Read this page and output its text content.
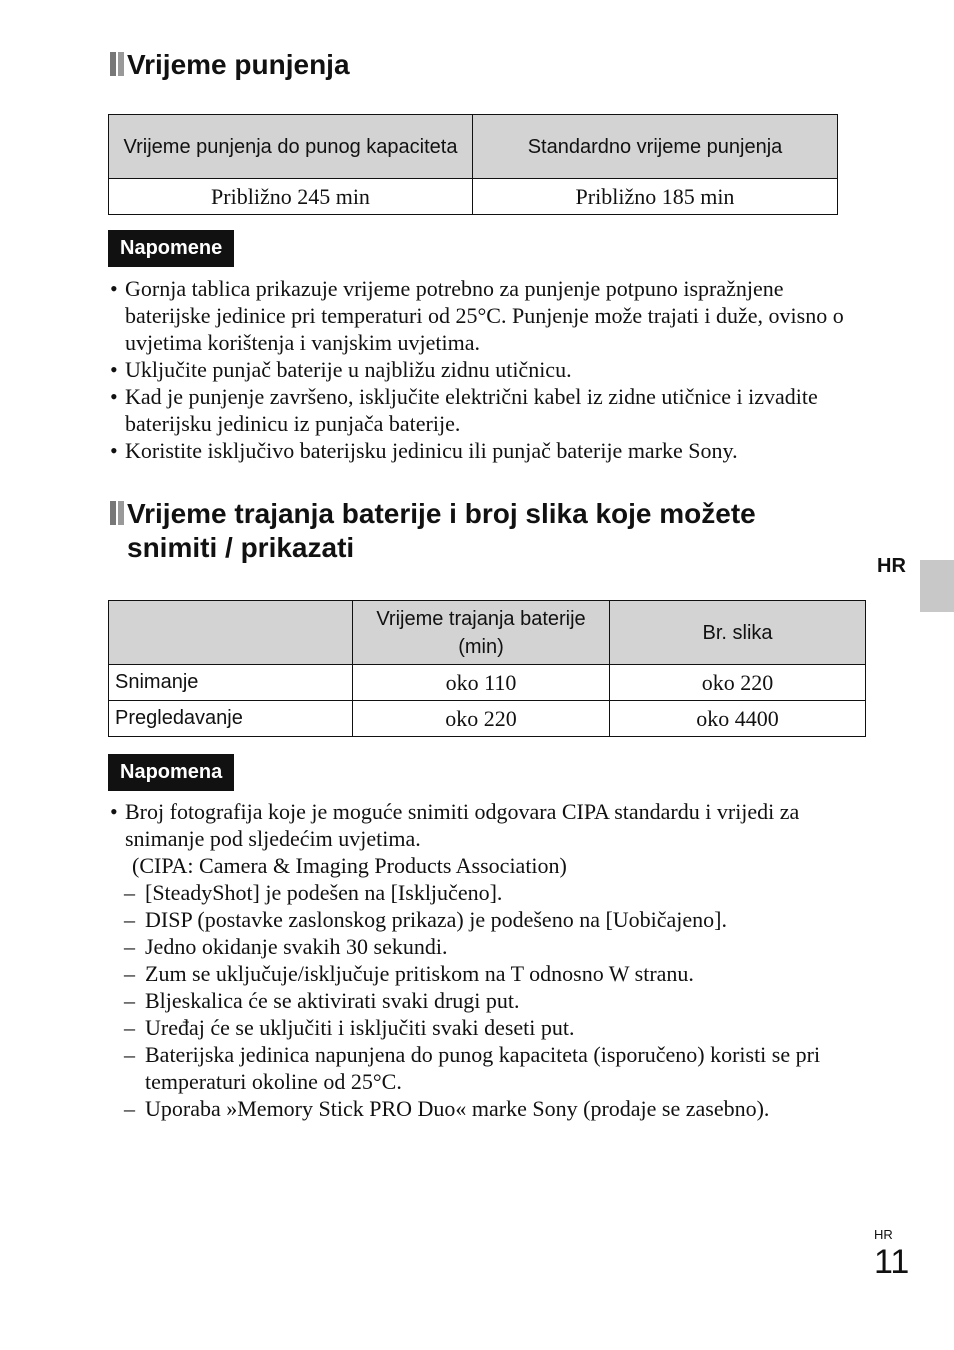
Vrijeme punjenja
Vrijeme punjenja do punog kapaciteta	Standardno vrijeme punjenja
Približno 245 min	Približno 185 min
Napomene
• Gornja tablica prikazuje vrijeme potrebno za punjenje potpuno ispražnjene baterijske jedinice pri temperaturi od 25°C. Punjenje može trajati i duže, ovisno o uvjetima korištenja i vanjskim uvjetima.
• Uključite punjač baterije u najbližu zidnu utičnicu.
• Kad je punjenje završeno, isključite električni kabel iz zidne utičnice i izvadite baterijsku jedinicu iz punjača baterije.
• Koristite isključivo baterijsku jedinicu ili punjač baterije marke Sony.
Vrijeme trajanja baterije i broj slika koje možete
snimiti / prikazati
	Vrijeme trajanja baterije (min)	Br. slika
Snimanje	oko 110	oko 220
Pregledavanje	oko 220	oko 4400
Napomena
• Broj fotografija koje je moguće snimiti odgovara CIPA standardu i vrijedi za snimanje pod sljedećim uvjetima.
(CIPA: Camera & Imaging Products Association)
– [SteadyShot] je podešen na [Isključeno].
– DISP (postavke zaslonskog prikaza) je podešeno na [Uobičajeno].
– Jedno okidanje svakih 30 sekundi.
– Zum se uključuje/isključuje pritiskom na T odnosno W stranu.
– Bljeskalica će se aktivirati svaki drugi put.
– Uređaj će se uključiti i isključiti svaki deseti put.
– Baterijska jedinica napunjena do punog kapaciteta (isporučeno) koristi se pri temperaturi okoline od 25°C.
– Uporaba »Memory Stick PRO Duo« marke Sony (prodaje se zasebno).
HR
HR
11
